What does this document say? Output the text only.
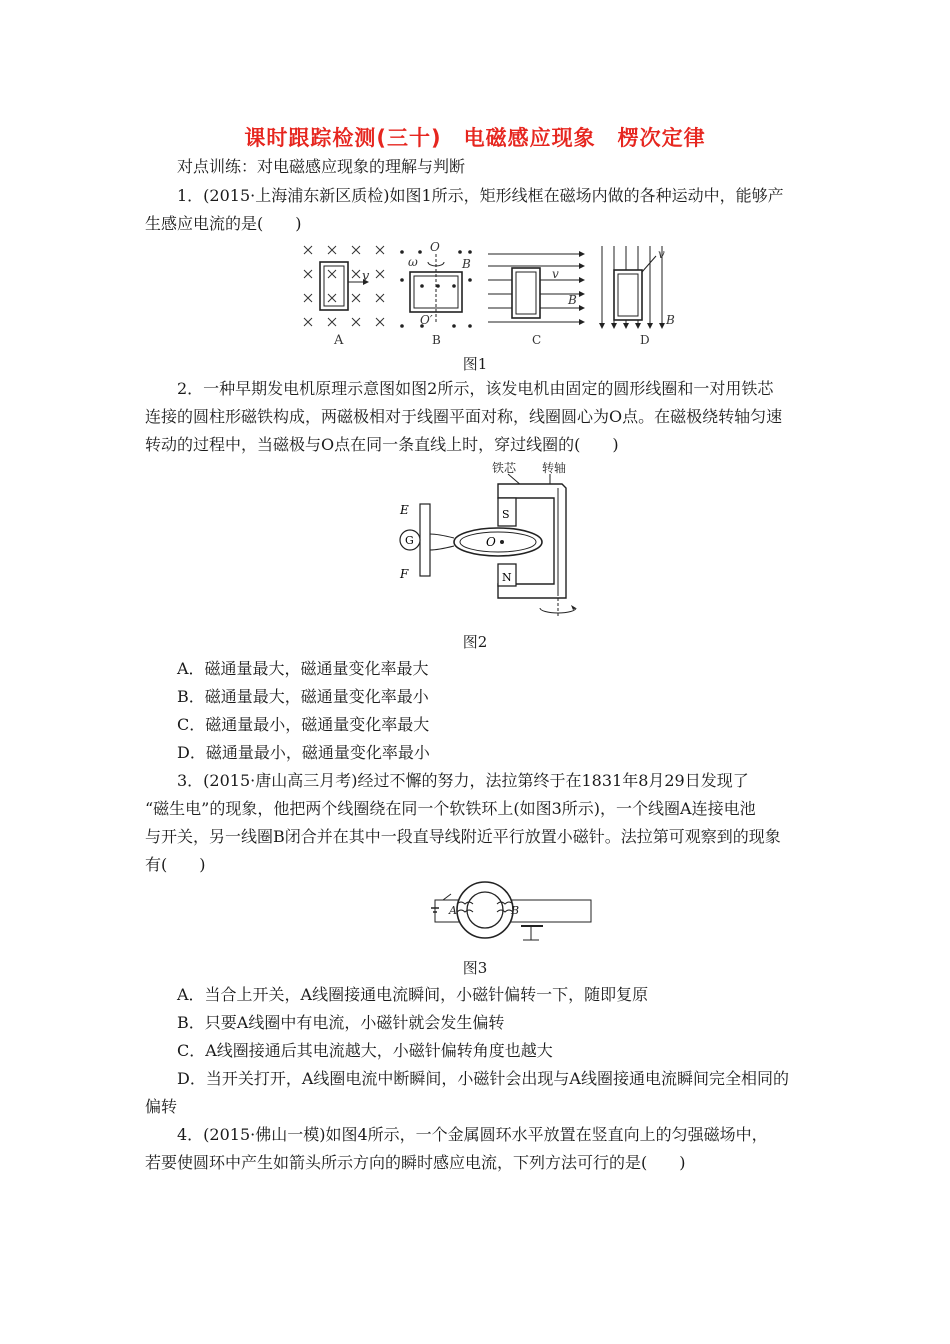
课时跟踪检测(三十)　电磁感应现象　楞次定律
对点训练：对电磁感应现象的理解与判断
1．(2015·上海浦东新区质检)如图1所示，矩形线框在磁场内做的各种运动中，能够产
生感应电流的是(　　)
v
A
O
ω	B
O′
B
v
B
C
v
B
D
图1
2．一种早期发电机原理示意图如图2所示，该发电机由固定的圆形线圈和一对用铁芯
连接的圆柱形磁铁构成，两磁极相对于线圈平面对称，线圈圆心为O点。在磁极绕转轴匀速
转动的过程中，当磁极与O点在同一条直线上时，穿过线圈的(　　)
铁芯 转轴
S
N
O
G
E
F
图2
A．磁通量最大，磁通量变化率最大
B．磁通量最大，磁通量变化率最小
C．磁通量最小，磁通量变化率最大
D．磁通量最小，磁通量变化率最小
3．(2015·唐山高三月考)经过不懈的努力，法拉第终于在1831年8月29日发现了
“磁生电”的现象，他把两个线圈绕在同一个软铁环上(如图3所示)，一个线圈A连接电池
与开关，另一线圈B闭合并在其中一段直导线附近平行放置小磁针。法拉第可观察到的现象
有(　　)
A	B
图3
A．当合上开关，A线圈接通电流瞬间，小磁针偏转一下，随即复原
B．只要A线圈中有电流，小磁针就会发生偏转
C．A线圈接通后其电流越大，小磁针偏转角度也越大
D．当开关打开，A线圈电流中断瞬间，小磁针会出现与A线圈接通电流瞬间完全相同的
偏转
4．(2015·佛山一模)如图4所示，一个金属圆环水平放置在竖直向上的匀强磁场中，
若要使圆环中产生如箭头所示方向的瞬时感应电流，下列方法可行的是(　　)
